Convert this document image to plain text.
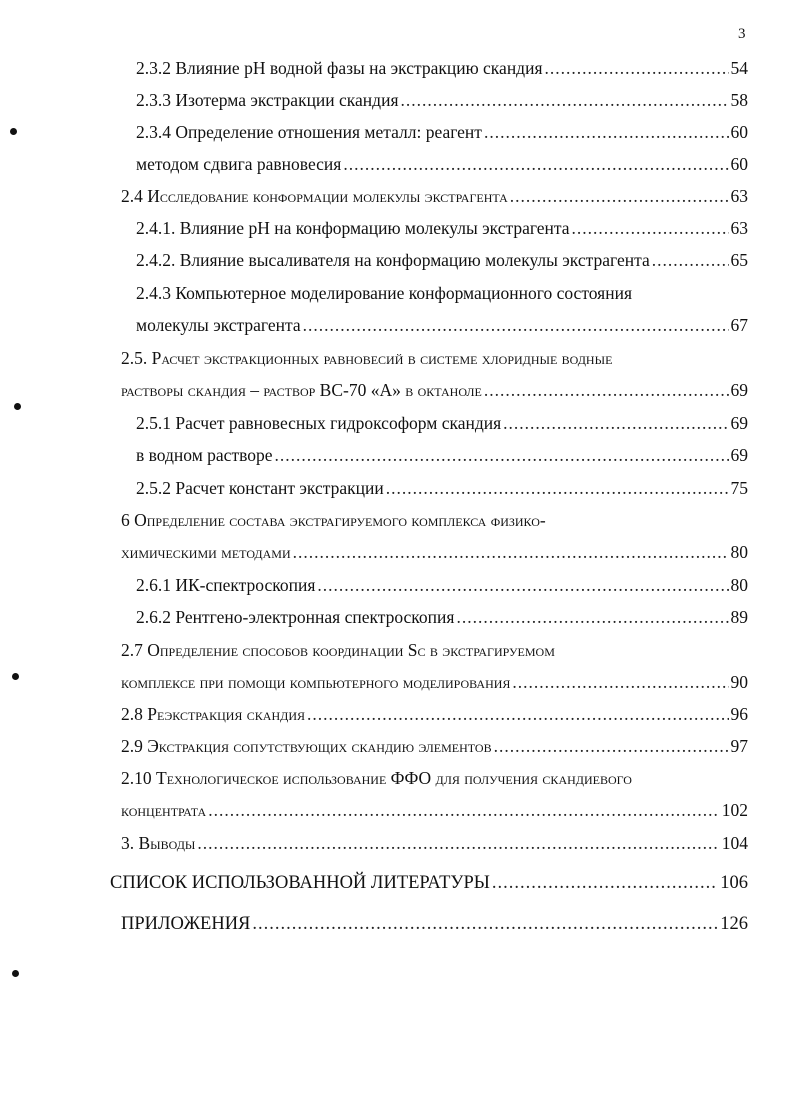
3
2.3.2 Влияние pH водной фазы на экстракцию скандия .....	54
2.3.3 Изотерма экстракции скандия .....	58
2.3.4 Определение отношения металл: реагент .....	60
методом сдвига равновесия .....	60
2.4 Исследование конформации молекулы экстрагента .....	63
2.4.1. Влияние pH на конформацию молекулы экстрагента .....	63
2.4.2. Влияние высаливателя на конформацию молекулы экстрагента .....	65
2.4.3 Компьютерное моделирование конформационного состояния
молекулы экстрагента .....	67
2.5. Расчет экстракционных равновесий в системе хлоридные водные
растворы скандия – раствор ВС-70 «А» в октаноле .....	69
2.5.1 Расчет равновесных гидроксоформ скандия .....	69
в водном растворе .....	69
2.5.2 Расчет констант экстракции .....	75
6 Определение состава экстрагируемого комплекса физико-
химическими методами .....	80
2.6.1 ИК-спектроскопия .....	80
2.6.2 Рентгено-электронная спектроскопия .....	89
2.7 Определение способов координации Sc в экстрагируемом
комплексе при помощи компьютерного моделирования .....	90
2.8 Реэкстракция скандия .....	96
2.9 Экстракция сопутствующих скандию элементов .....	97
2.10 Технологическое использование ФФО для получения скандиевого
концентрата .....	102
3. Выводы .....	104
СПИСОК ИСПОЛЬЗОВАННОЙ ЛИТЕРАТУРЫ .....	106
ПРИЛОЖЕНИЯ .....	126
